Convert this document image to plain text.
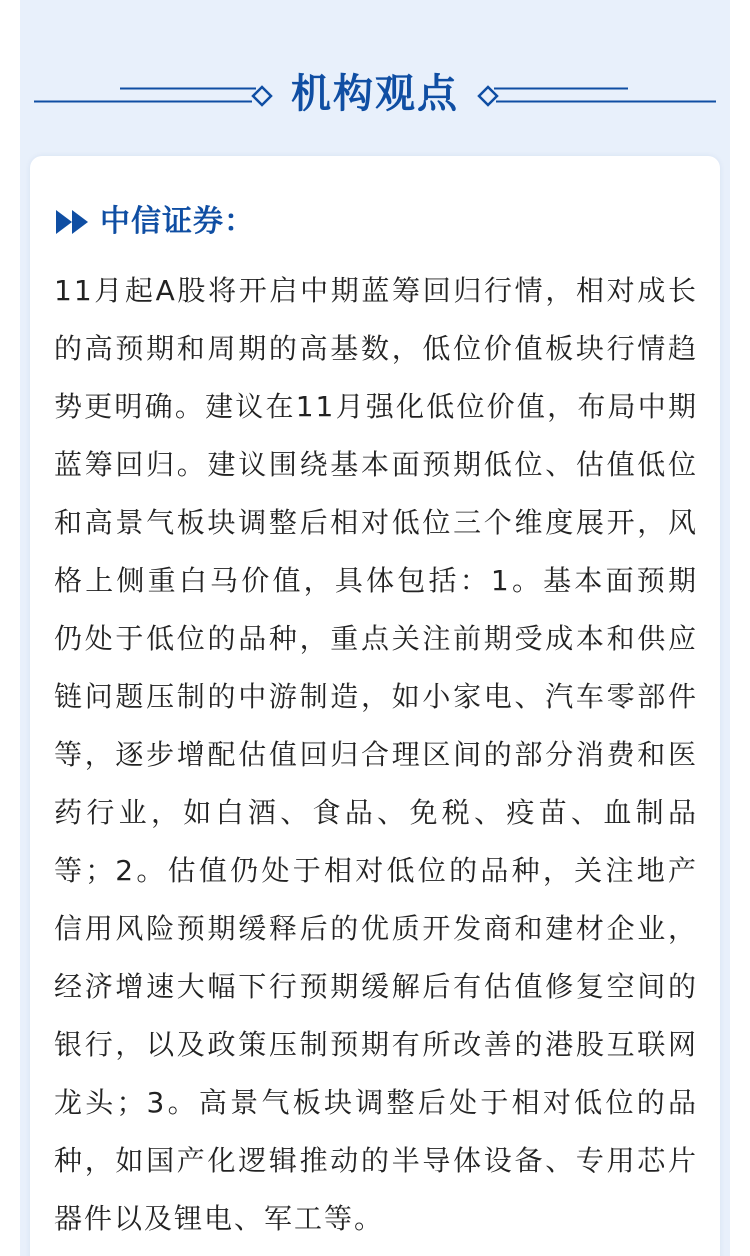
机构观点
中信证券：

11月起A股将开启中期蓝筹回归行情，相对成长的高预期和周期的高基数，低位价值板块行情趋势更明确。建议在11月强化低位价值，布局中期蓝筹回归。建议围绕基本面预期低位、估值低位和高景气板块调整后相对低位三个维度展开，风格上侧重白马价值，具体包括：1。基本面预期仍处于低位的品种，重点关注前期受成本和供应链问题压制的中游制造，如小家电、汽车零部件等，逐步增配估值回归合理区间的部分消费和医药行业，如白酒、食品、免税、疫苗、血制品等；2。估值仍处于相对低位的品种，关注地产信用风险预期缓释后的优质开发商和建材企业，经济增速大幅下行预期缓解后有估值修复空间的银行，以及政策压制预期有所改善的港股互联网龙头；3。高景气板块调整后处于相对低位的品种，如国产化逻辑推动的半导体设备、专用芯片器件以及锂电、军工等。
